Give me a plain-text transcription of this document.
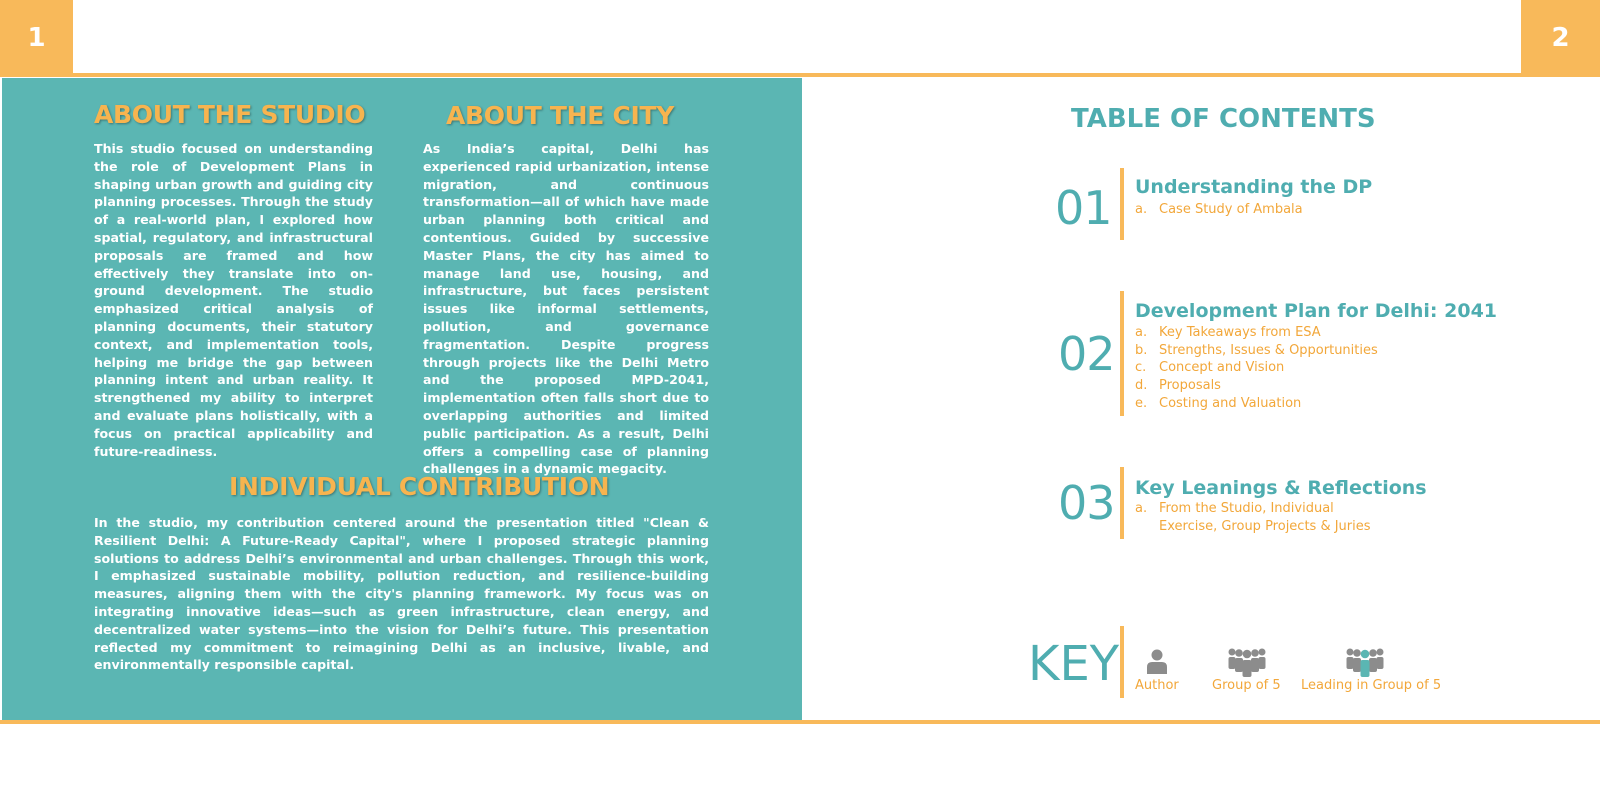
1	2
ABOUT THE STUDIO
This studio focused on understanding the role of Development Plans in shaping urban growth and guiding city planning processes. Through the study of a real-world plan, I explored how spatial, regulatory, and infrastructural proposals are framed and how effectively they translate into on-ground development. The studio emphasized critical analysis of planning documents, their statutory context, and implementation tools, helping me bridge the gap between planning intent and urban reality. It strengthened my ability to interpret and evaluate plans holistically, with a focus on practical applicability and future-readiness.
ABOUT THE CITY
As India’s capital, Delhi has experienced rapid urbanization, intense migration, and continuous transformation—all of which have made urban planning both critical and contentious. Guided by successive Master Plans, the city has aimed to manage land use, housing, and infrastructure, but faces persistent issues like informal settlements, pollution, and governance fragmentation. Despite progress through projects like the Delhi Metro and the proposed MPD-2041, implementation often falls short due to overlapping authorities and limited public participation. As a result, Delhi offers a compelling case of planning challenges in a dynamic megacity.
INDIVIDUAL CONTRIBUTION
In the studio, my contribution centered around the presentation titled "Clean & Resilient Delhi: A Future-Ready Capital", where I proposed strategic planning solutions to address Delhi’s environmental and urban challenges. Through this work, I emphasized sustainable mobility, pollution reduction, and resilience-building measures, aligning them with the city's planning framework. My focus was on integrating innovative ideas—such as green infrastructure, clean energy, and decentralized water systems—into the vision for Delhi’s future. This presentation reflected my commitment to reimagining Delhi as an inclusive, livable, and environmentally responsible capital.
TABLE OF CONTENTS
01 Understanding the DP
a. Case Study of Ambala
02
Development Plan for Delhi: 2041
a. Key Takeaways from ESA
b. Strengths, Issues & Opportunities
c. Concept and Vision
d. Proposals
e. Costing and Valuation
03 Key Leanings & Reflections
a. From the Studio, Individual
Exercise, Group Projects & Juries
KEY Author	Group of 5 Leading in Group of 5
